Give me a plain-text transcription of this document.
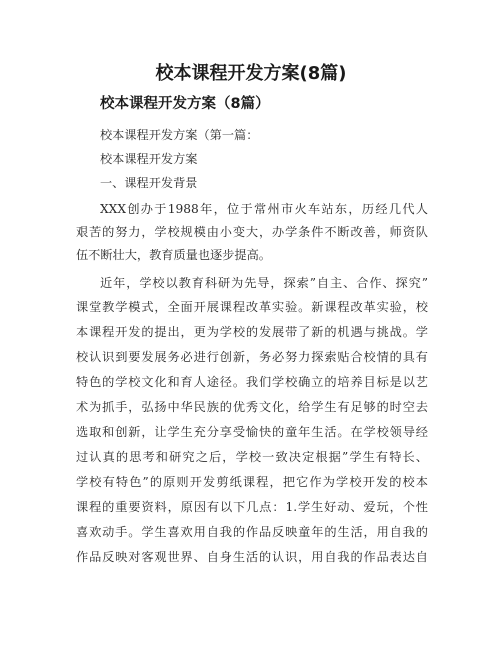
校本课程开发方案(8篇)
校本课程开发方案（8篇）
校本课程开发方案（第一篇：
校本课程开发方案
一、课程开发背景
XXX创办于1988年，位于常州市火车站东，历经几代人
艰苦的努力，学校规模由小变大，办学条件不断改善，师资队
伍不断壮大，教育质量也逐步提高。
近年，学校以教育科研为先导，探索”自主、合作、探究”
课堂教学模式，全面开展课程改革实验。新课程改革实验，校
本课程开发的提出，更为学校的发展带了新的机遇与挑战。学
校认识到要发展务必进行创新，务必努力探索贴合校情的具有
特色的学校文化和育人途径。我们学校确立的培养目标是以艺
术为抓手，弘扬中华民族的优秀文化，给学生有足够的时空去
选取和创新，让学生充分享受愉快的童年生活。在学校领导经
过认真的思考和研究之后，学校一致决定根据”学生有特长、
学校有特色”的原则开发剪纸课程，把它作为学校开发的校本
课程的重要资料，原因有以下几点：1.学生好动、爱玩，个性
喜欢动手。学生喜欢用自我的作品反映童年的生活，用自我的
作品反映对客观世界、自身生活的认识，用自我的作品表达自
